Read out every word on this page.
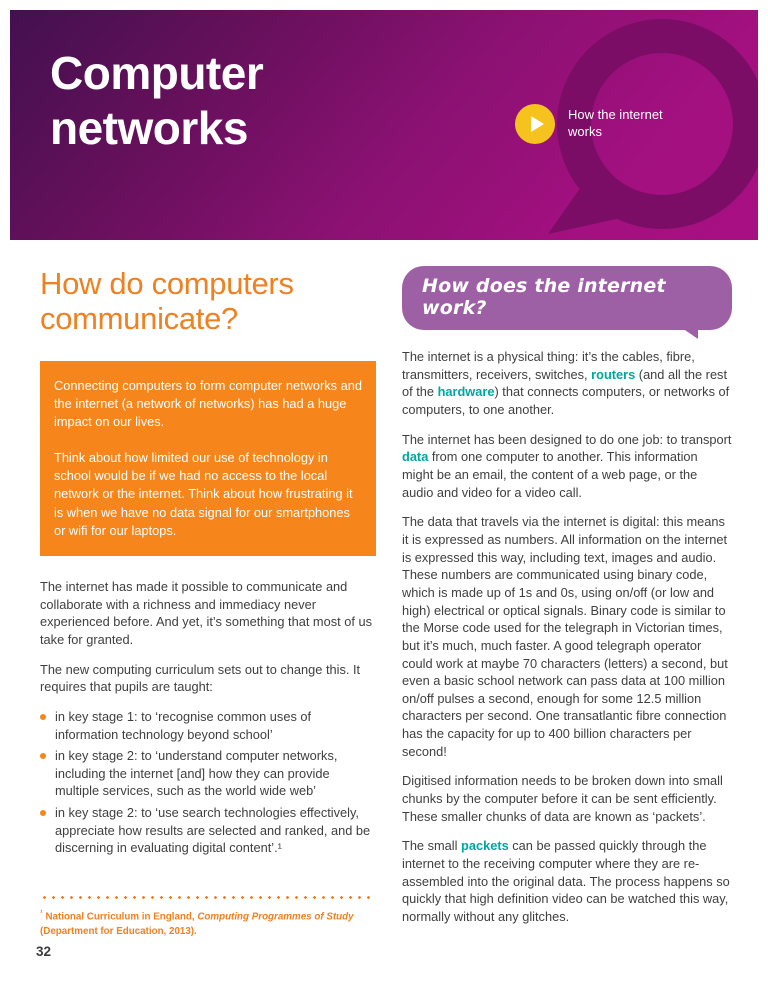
Computer
networks	How the internet works
How do computers communicate?

Connecting computers to form computer networks and the internet (a network of networks) has had a huge impact on our lives.

Think about how limited our use of technology in school would be if we had no access to the local network or the internet. Think about how frustrating it is when we have no data signal for our smartphones or wifi for our laptops.

The internet has made it possible to communicate and collaborate with a richness and immediacy never experienced before. And yet, it’s something that most of us take for granted.

The new computing curriculum sets out to change this. It requires that pupils are taught:

in key stage 1: to ‘recognise common uses of information technology beyond school’
in key stage 2: to ‘understand computer networks, including the internet [and] how they can provide multiple services, such as the world wide web’
in key stage 2: to ‘use search technologies effectively, appreciate how results are selected and ranked, and be discerning in evaluating digital content’.¹
How does the internet work?

The internet is a physical thing: it’s the cables, fibre, transmitters, receivers, switches, routers (and all the rest of the hardware) that connects computers, or networks of computers, to one another.

The internet has been designed to do one job: to transport data from one computer to another. This information might be an email, the content of a web page, or the audio and video for a video call.

The data that travels via the internet is digital: this means it is expressed as numbers. All information on the internet is expressed this way, including text, images and audio. These numbers are communicated using binary code, which is made up of 1s and 0s, using on/off (or low and high) electrical or optical signals. Binary code is similar to the Morse code used for the telegraph in Victorian times, but it’s much, much faster. A good telegraph operator could work at maybe 70 characters (letters) a second, but even a basic school network can pass data at 100 million on/off pulses a second, enough for some 12.5 million characters per second. One transatlantic fibre connection has the capacity for up to 400 billion characters per second!

Digitised information needs to be broken down into small chunks by the computer before it can be sent efficiently. These smaller chunks of data are known as ‘packets’.

The small packets can be passed quickly through the internet to the receiving computer where they are re-assembled into the original data. The process happens so quickly that high definition video can be watched this way, normally without any glitches.

$^{^1}$ National Curriculum in England, Computing Programmes of Study (Department for Education, 2013).

32
